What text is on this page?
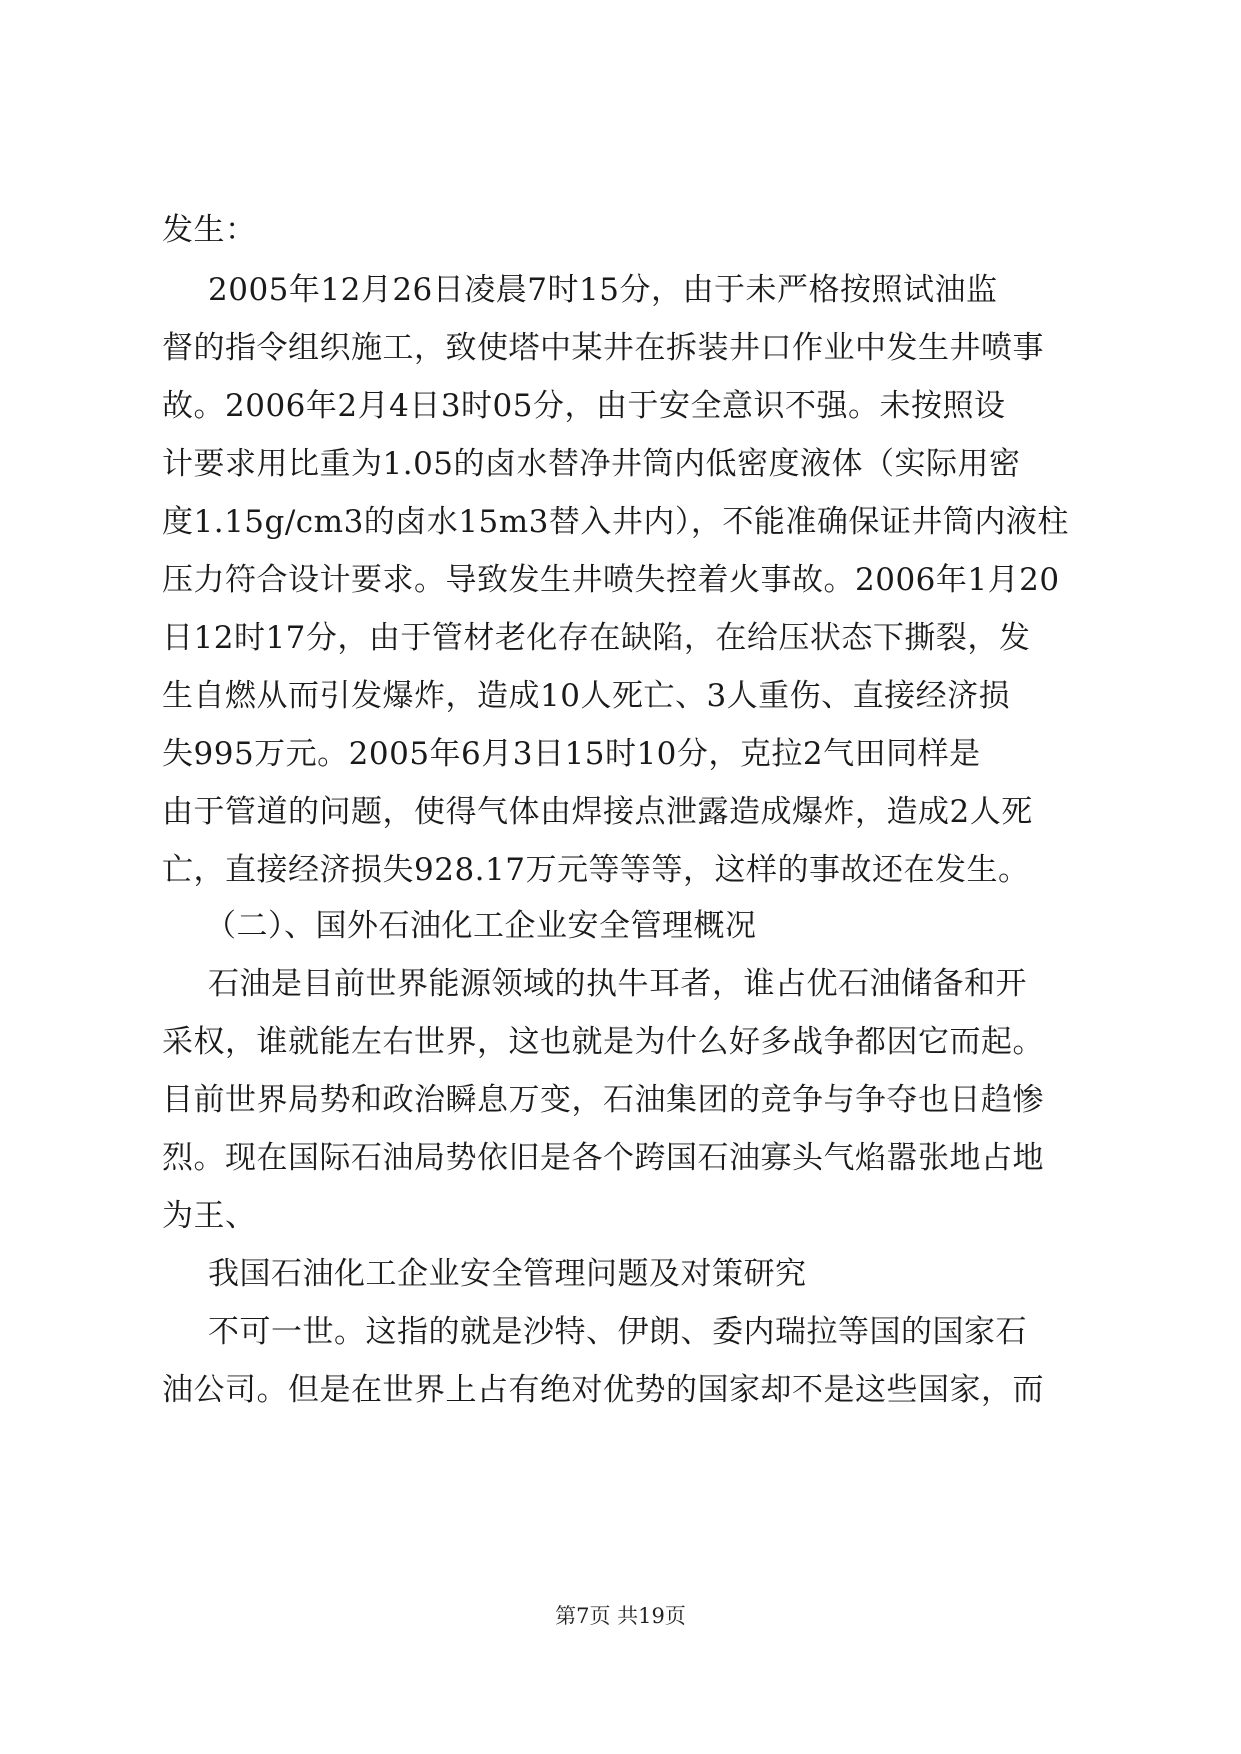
发生：
2005年12月26日凌晨7时15分，由于未严格按照试油监
督的指令组织施工，致使塔中某井在拆装井口作业中发生井喷事
故。2006年2月4日3时05分，由于安全意识不强。未按照设
计要求用比重为1.05的卤水替净井筒内低密度液体（实际用密
度1.15g/cm3的卤水15m3替入井内），不能准确保证井筒内液柱
压力符合设计要求。导致发生井喷失控着火事故。2006年1月20
日12时17分，由于管材老化存在缺陷，在给压状态下撕裂，发
生自燃从而引发爆炸，造成10人死亡、3人重伤、直接经济损
失995万元。2005年6月3日15时10分，克拉2气田同样是
由于管道的问题，使得气体由焊接点泄露造成爆炸，造成2人死
亡，直接经济损失928.17万元等等等，这样的事故还在发生。
（二）、国外石油化工企业安全管理概况
石油是目前世界能源领域的执牛耳者，谁占优石油储备和开
采权，谁就能左右世界，这也就是为什么好多战争都因它而起。
目前世界局势和政治瞬息万变，石油集团的竞争与争夺也日趋惨
烈。现在国际石油局势依旧是各个跨国石油寡头气焰嚣张地占地
为王、
我国石油化工企业安全管理问题及对策研究
不可一世。这指的就是沙特、伊朗、委内瑞拉等国的国家石
油公司。但是在世界上占有绝对优势的国家却不是这些国家，而
第7页 共19页
